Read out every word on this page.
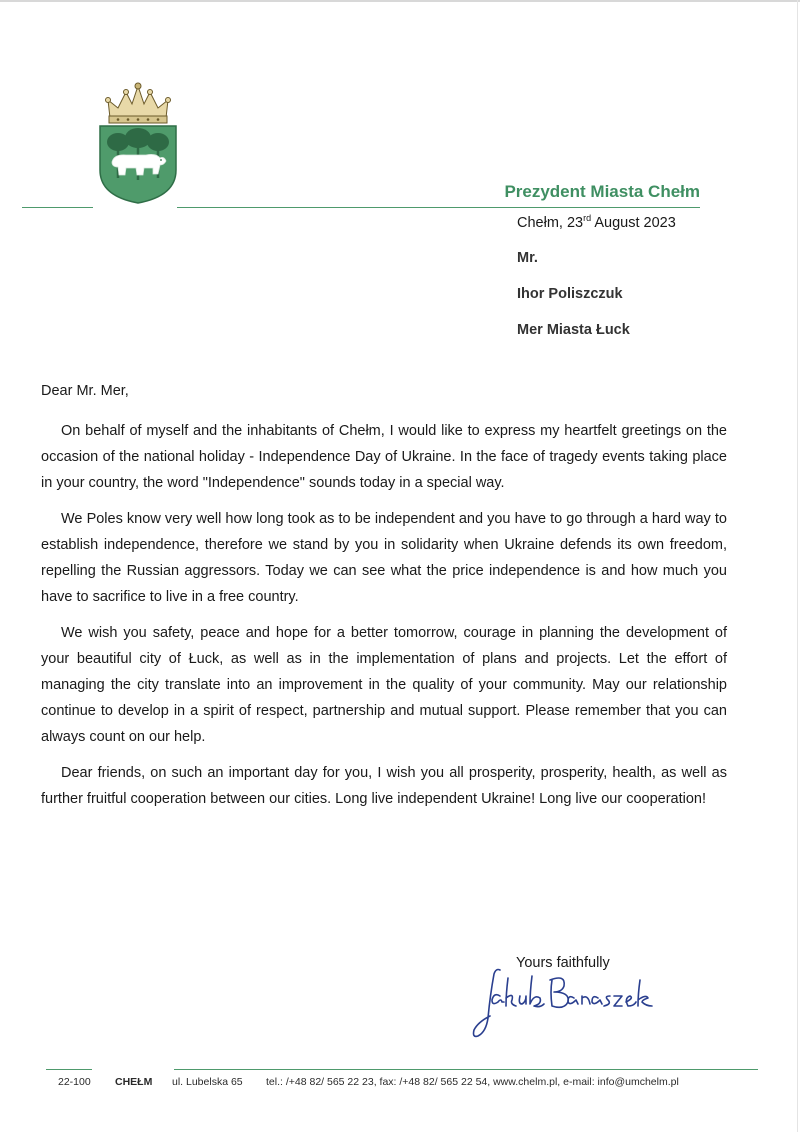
Prezydent Miasta Chełm
Chełm, 23rd August 2023
Mr.
Ihor Poliszczuk
Mer Miasta Łuck
Dear Mr. Mer,

On behalf of myself and the inhabitants of Chełm, I would like to express my heartfelt greetings on the occasion of the national holiday - Independence Day of Ukraine. In the face of tragedy events taking place in your country, the word "Independence" sounds today in a special way.

We Poles know very well how long took as to be independent and you have to go through a hard way to establish independence, therefore we stand by you in solidarity when Ukraine defends its own freedom, repelling the Russian aggressors. Today we can see what the price independence is and how much you have to sacrifice to live in a free country.

We wish you safety, peace and hope for a better tomorrow, courage in planning the development of your beautiful city of Łuck, as well as in the implementation of plans and projects. Let the effort of managing the city translate into an improvement in the quality of your community. May our relationship continue to develop in a spirit of respect, partnership and mutual support. Please remember that you can always count on our help.

Dear friends, on such an important day for you, I wish you all prosperity, prosperity, health, as well as further fruitful cooperation between our cities. Long live independent Ukraine! Long live our cooperation!

Yours faithfully
22-100 CHEŁM ul. Lubelska 65 tel.: /+48 82/ 565 22 23, fax: /+48 82/ 565 22 54, www.chelm.pl, e-mail: info@umchelm.pl
